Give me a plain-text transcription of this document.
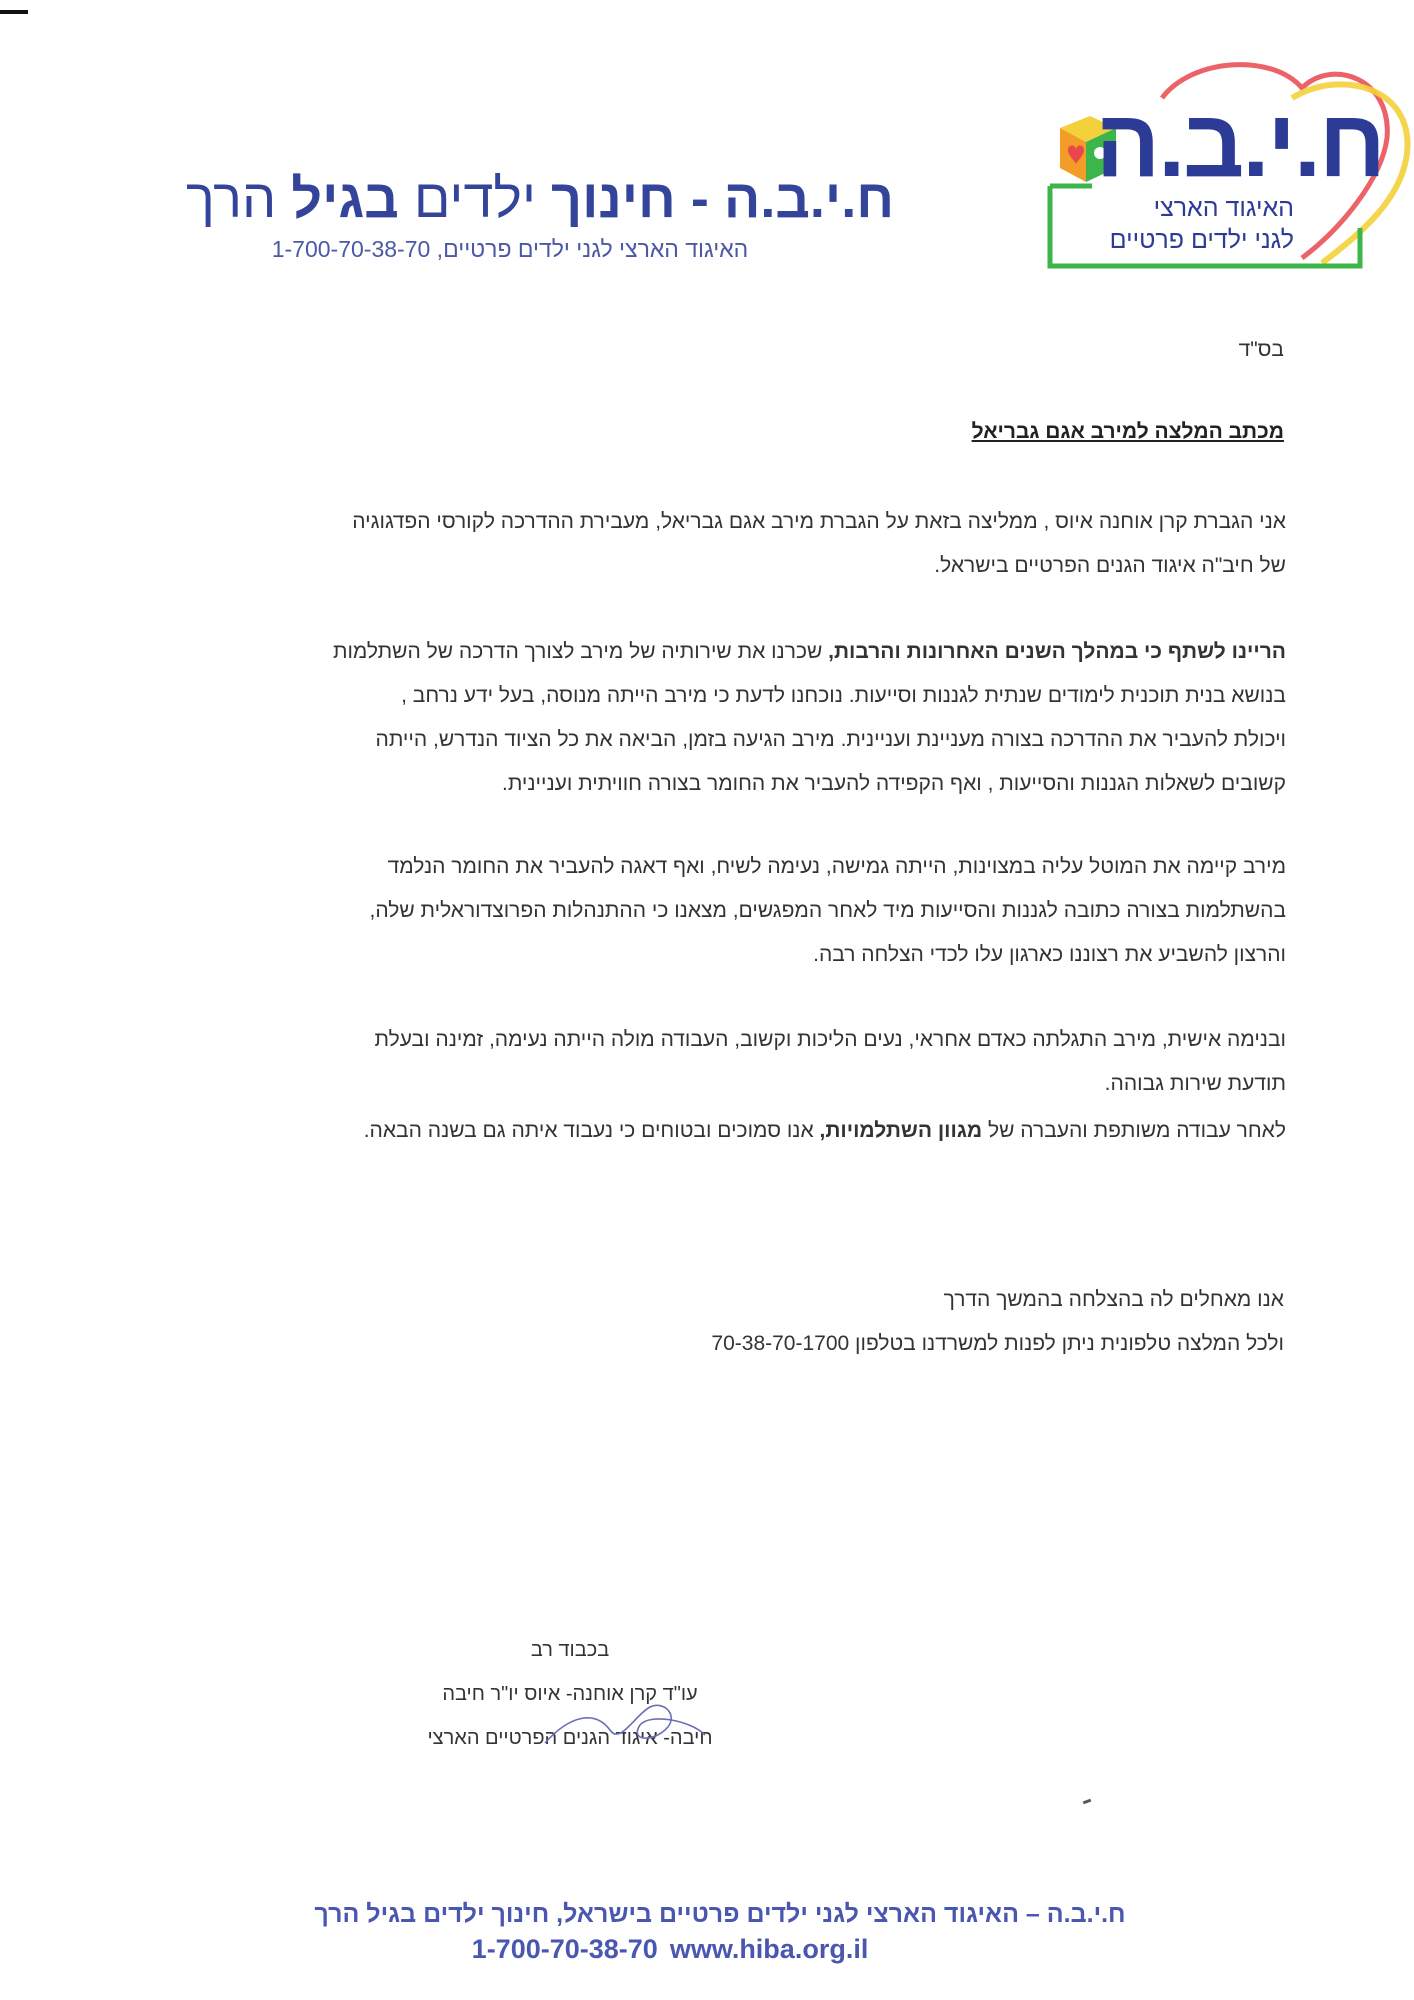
ח.י.ב.ה - חינוך ילדים בגיל הרך
האיגוד הארצי לגני ילדים פרטיים, 1-700-70-38-70
ח.י.ב.ה
האיגוד הארצי
לגני ילדים פרטיים
בס"ד
מכתב המלצה למירב אגם גבריאל

אני הגברת קרן אוחנה איוס , ממליצה בזאת על הגברת מירב אגם גבריאל, מעבירת ההדרכה לקורסי הפדגוגיה

של חיב"ה איגוד הגנים הפרטיים בישראל.

הריינו לשתף כי במהלך השנים האחרונות והרבות, שכרנו את שירותיה של מירב לצורך הדרכה של השתלמות

בנושא בנית תוכנית לימודים שנתית לגננות וסייעות. נוכחנו לדעת כי מירב הייתה מנוסה, בעל ידע נרחב ,

ויכולת להעביר את ההדרכה בצורה מעניינת ועניינית. מירב הגיעה בזמן, הביאה את כל הציוד הנדרש, הייתה

קשובים לשאלות הגננות והסייעות , ואף הקפידה להעביר את החומר בצורה חוויתית ועניינית.

מירב קיימה את המוטל עליה במצוינות, הייתה גמישה, נעימה לשיח, ואף דאגה להעביר את החומר הנלמד

בהשתלמות בצורה כתובה לגננות והסייעות מיד לאחר המפגשים, מצאנו כי ההתנהלות הפרוצדוראלית שלה,

והרצון להשביע את רצוננו כארגון עלו לכדי הצלחה רבה.

ובנימה אישית, מירב התגלתה כאדם אחראי, נעים הליכות וקשוב, העבודה מולה הייתה נעימה, זמינה ובעלת

תודעת שירות גבוהה.

לאחר עבודה משותפת והעברה של מגוון השתלמויות, אנו סמוכים ובטוחים כי נעבוד איתה גם בשנה הבאה.

אנו מאחלים לה בהצלחה בהמשך הדרך

ולכל המלצה טלפונית ניתן לפנות למשרדנו בטלפון 70-38-70-1700

בכבוד רב

עו"ד קרן אוחנה- איוס יו"ר חיבה

חיבה- איגוד הגנים הפרטיים הארצי

ח.י.ב.ה – האיגוד הארצי לגני ילדים פרטיים בישראל, חינוך ילדים בגיל הרך
1-700-70-38-70 www.hiba.org.il
